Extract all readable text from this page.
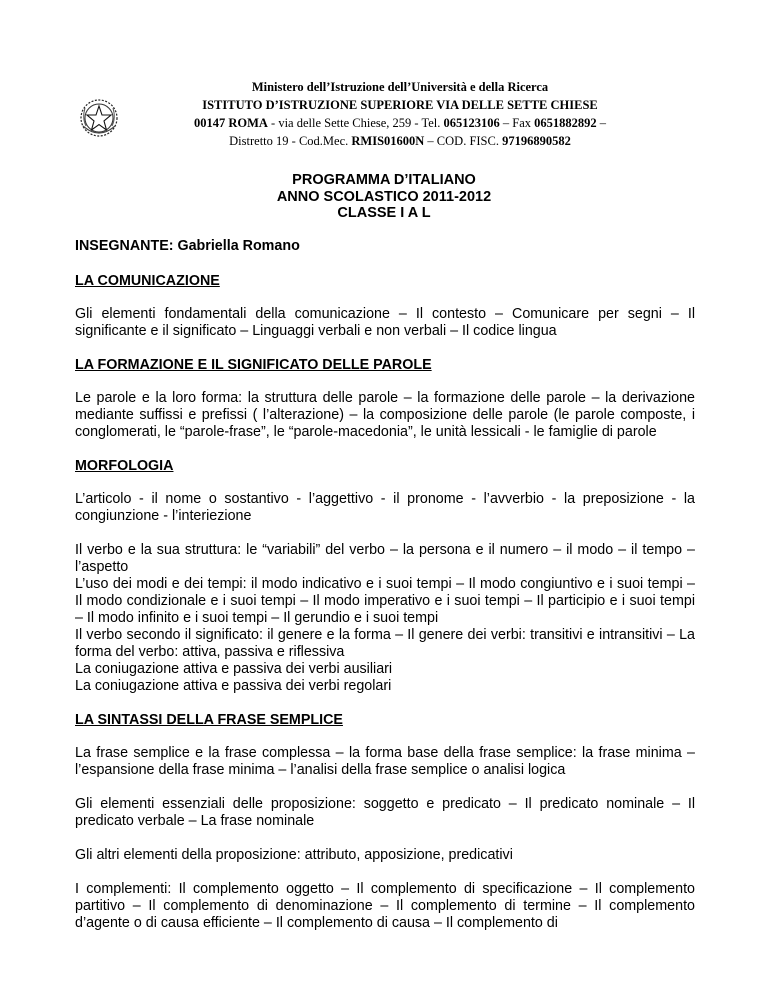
Ministero dell’Istruzione dell’Università e della Ricerca
ISTITUTO D’ISTRUZIONE SUPERIORE VIA DELLE SETTE CHIESE
00147 ROMA - via delle Sette Chiese, 259 - Tel. 065123106 – Fax 0651882892 –
Distretto 19 - Cod.Mec. RMIS01600N – COD. FISC. 97196890582
PROGRAMMA D’ITALIANO
ANNO SCOLASTICO 2011-2012
CLASSE I A L

INSEGNANTE: Gabriella Romano

LA COMUNICAZIONE

Gli elementi fondamentali della comunicazione – Il contesto – Comunicare per segni – Il significante e il significato – Linguaggi verbali e non verbali – Il codice lingua

LA FORMAZIONE E IL SIGNIFICATO DELLE PAROLE

Le parole e la loro forma: la struttura delle parole – la formazione delle parole – la derivazione mediante suffissi e prefissi ( l’alterazione) – la composizione delle parole (le parole composte, i conglomerati, le “parole-frase”, le “parole-macedonia”, le unità lessicali - le famiglie di parole

MORFOLOGIA

L’articolo - il nome o sostantivo - l’aggettivo - il pronome - l’avverbio - la preposizione - la congiunzione - l’interiezione

Il verbo e la sua struttura: le “variabili” del verbo – la persona e il numero – il modo – il tempo – l’aspetto

L’uso dei modi e dei tempi: il modo indicativo e i suoi tempi – Il modo congiuntivo e i suoi tempi – Il modo condizionale e i suoi tempi – Il modo imperativo e i suoi tempi – Il participio e i suoi tempi – Il modo infinito e i suoi tempi – Il gerundio e i suoi tempi

Il verbo secondo il significato: il genere e la forma – Il genere dei verbi: transitivi e intransitivi – La forma del verbo: attiva, passiva e riflessiva

La coniugazione attiva e passiva dei verbi ausiliari

La coniugazione attiva e passiva dei verbi regolari

LA SINTASSI DELLA FRASE SEMPLICE

La frase semplice e la frase complessa – la forma base della frase semplice: la frase minima – l’espansione della frase minima – l’analisi della frase semplice o analisi logica

Gli elementi essenziali delle proposizione: soggetto e predicato – Il predicato nominale – Il predicato verbale – La frase nominale

Gli altri elementi della proposizione: attributo, apposizione, predicativi

I complementi: Il complemento oggetto – Il complemento di specificazione – Il complemento partitivo – Il complemento di denominazione – Il complemento di termine – Il complemento d’agente o di causa efficiente – Il complemento di causa – Il complemento di
